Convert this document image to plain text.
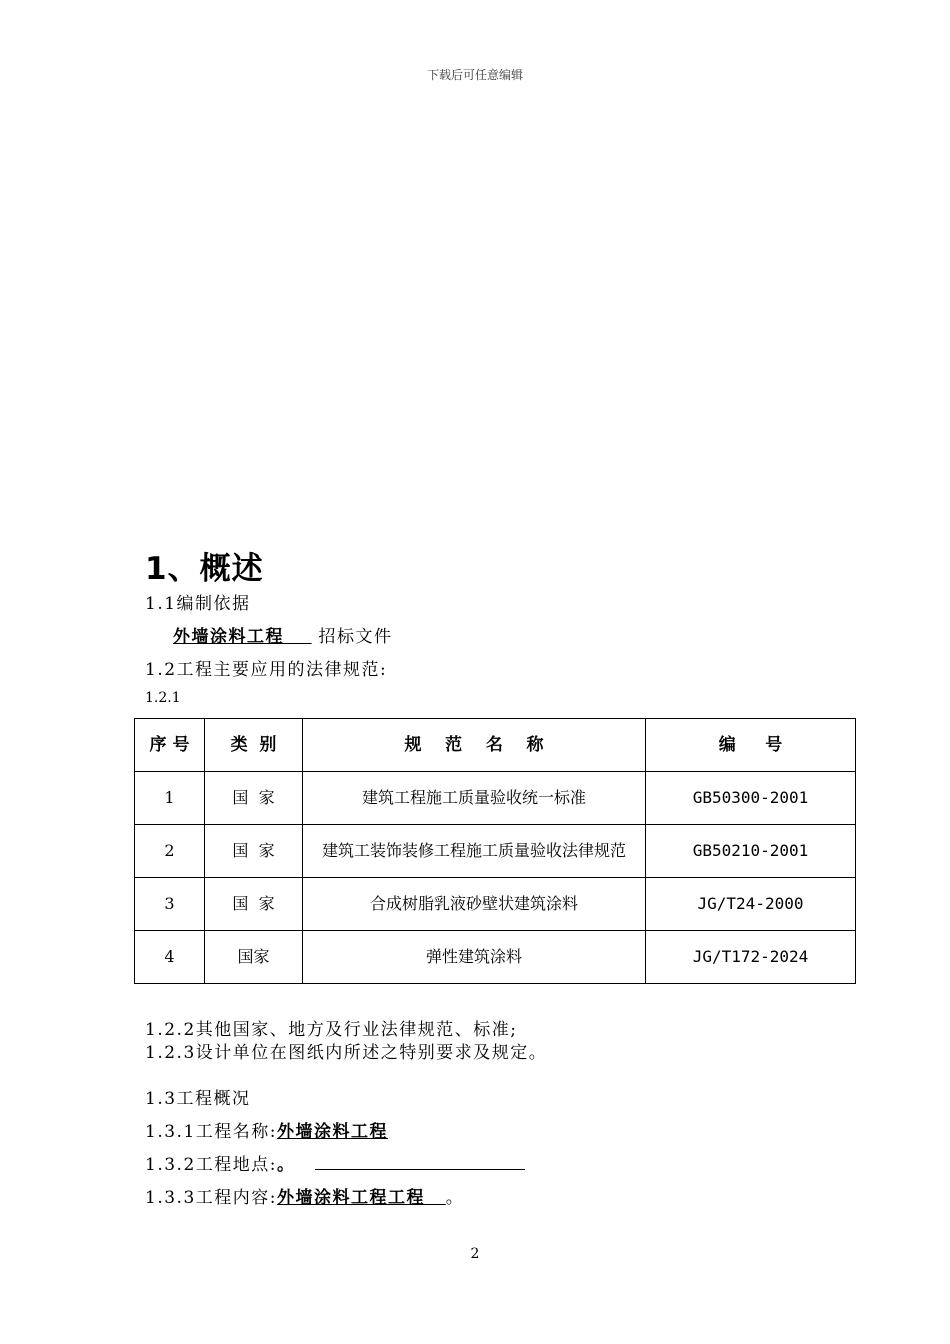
下载后可任意编辑
1、概述
1.1编制依据
外墙涂料工程 招标文件
1.2工程主要应用的法律规范:
1.2.1
序 号	类  别	规    范    名    称	编     号
1	国  家	建筑工程施工质量验收统一标准	GB50300-2001
2	国  家	建筑工装饰装修工程施工质量验收法律规范	GB50210-2001
3	国  家	合成树脂乳液砂壁状建筑涂料	JG/T24-2000
4	国家	弹性建筑涂料	JG/T172-2024
1.2.2其他国家、地方及行业法律规范、标准;
1.2.3设计单位在图纸内所述之特别要求及规定。
1.3工程概况
1.3.1工程名称:外墙涂料工程
1.3.2工程地点:。
1.3.3工程内容:外墙涂料工程工程 。
2
